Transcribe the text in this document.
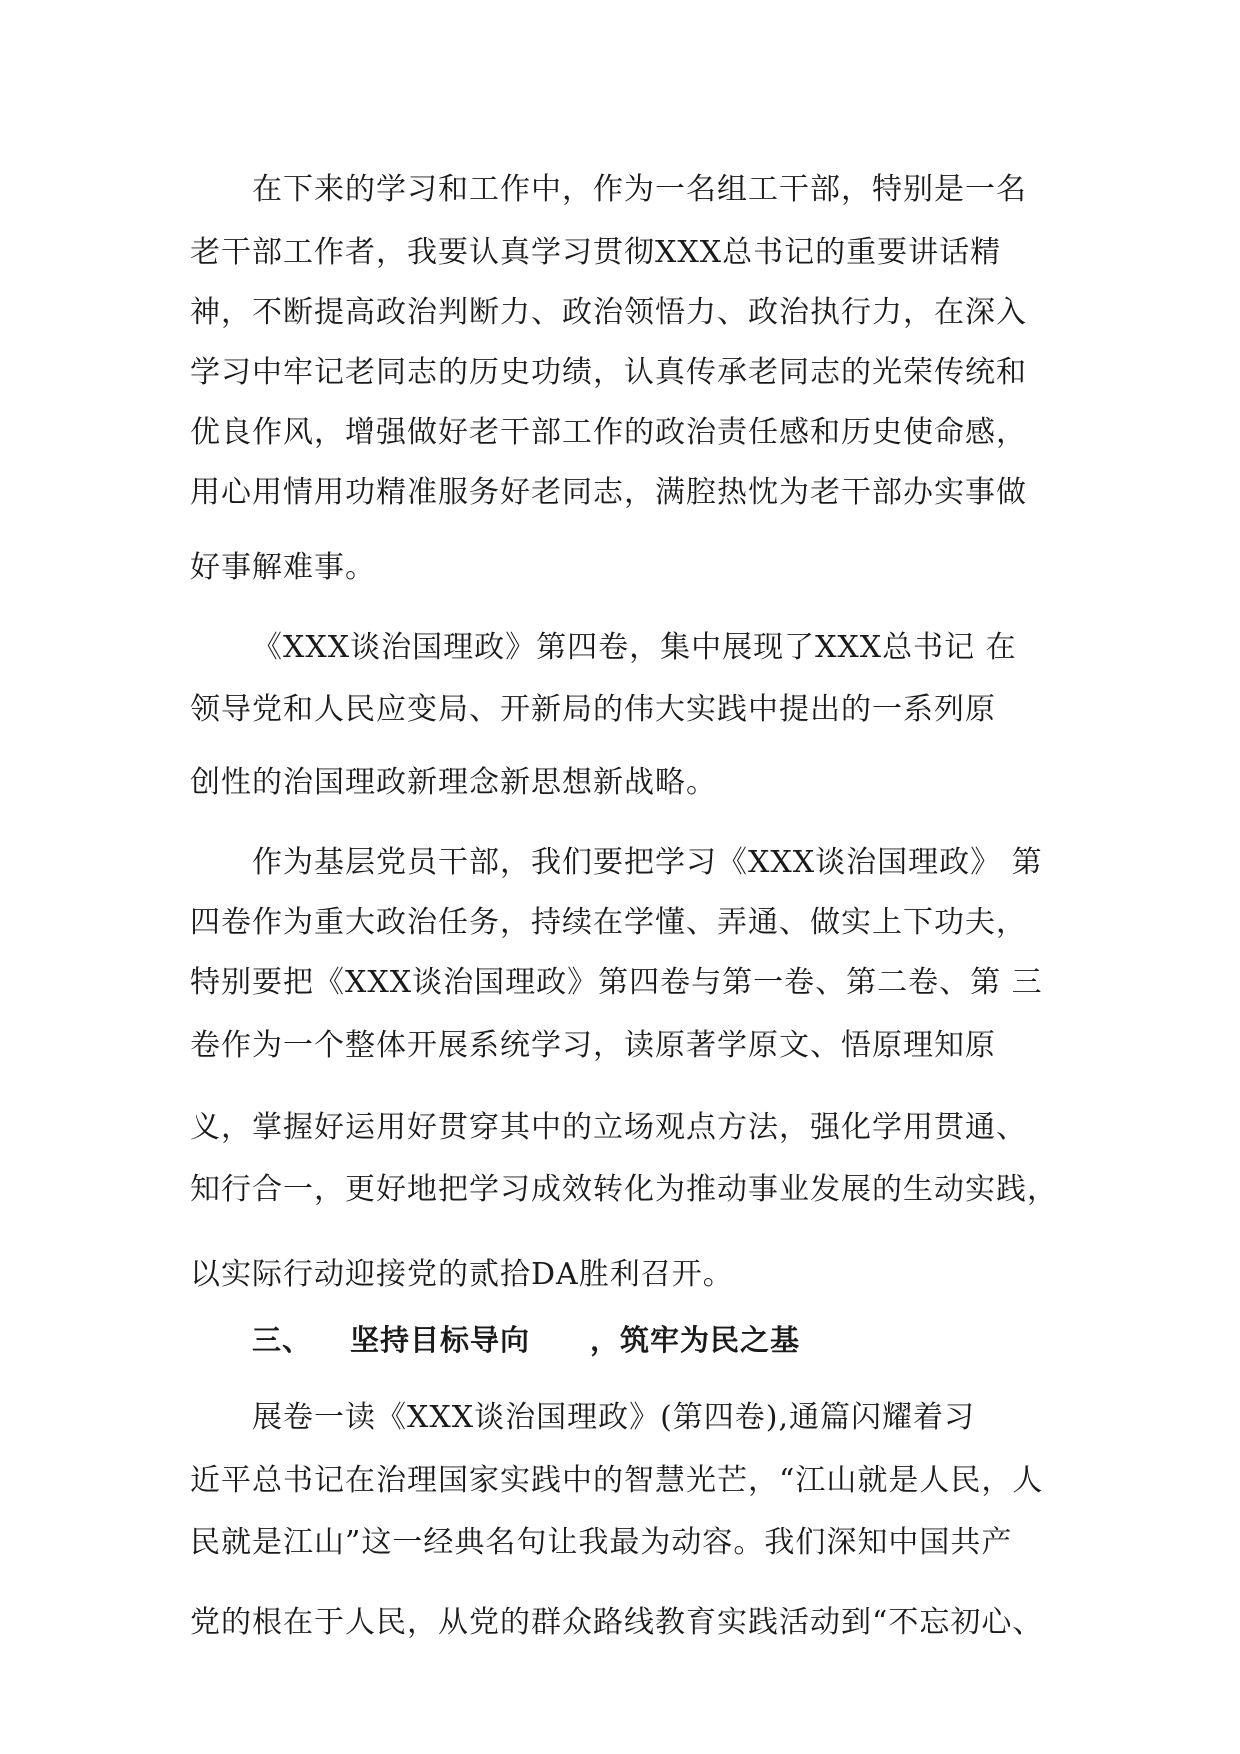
在下来的学习和工作中，作为一名组工干部，特别是一名
老干部工作者，我要认真学习贯彻XXX总书记的重要讲话精
神，不断提高政治判断力、政治领悟力、政治执行力，在深入
学习中牢记老同志的历史功绩，认真传承老同志的光荣传统和
优良作风，增强做好老干部工作的政治责任感和历史使命感，
用心用情用功精准服务好老同志，满腔热忱为老干部办实事做
好事解难事。
《XXX谈治国理政》第四卷，集中展现了XXX总书记 在
领导党和人民应变局、开新局的伟大实践中提出的一系列原
创性的治国理政新理念新思想新战略。
作为基层党员干部，我们要把学习《XXX谈治国理政》 第
四卷作为重大政治任务，持续在学懂、弄通、做实上下功夫，
特别要把《XXX谈治国理政》第四卷与第一卷、第二卷、第 三
卷作为一个整体开展系统学习，读原著学原文、悟原理知原
义，掌握好运用好贯穿其中的立场观点方法，强化学用贯通、
知行合一，更好地把学习成效转化为推动事业发展的生动实践，
以实际行动迎接党的贰拾DA胜利召开。
三、 坚持目标导向 ，筑牢为民之基
展卷一读《XXX谈治国理政》(第四卷),通篇闪耀着习
近平总书记在治理国家实践中的智慧光芒，“江山就是人民，人
民就是江山”这一经典名句让我最为动容。我们深知中国共产
党的根在于人民，从党的群众路线教育实践活动到“不忘初心、
